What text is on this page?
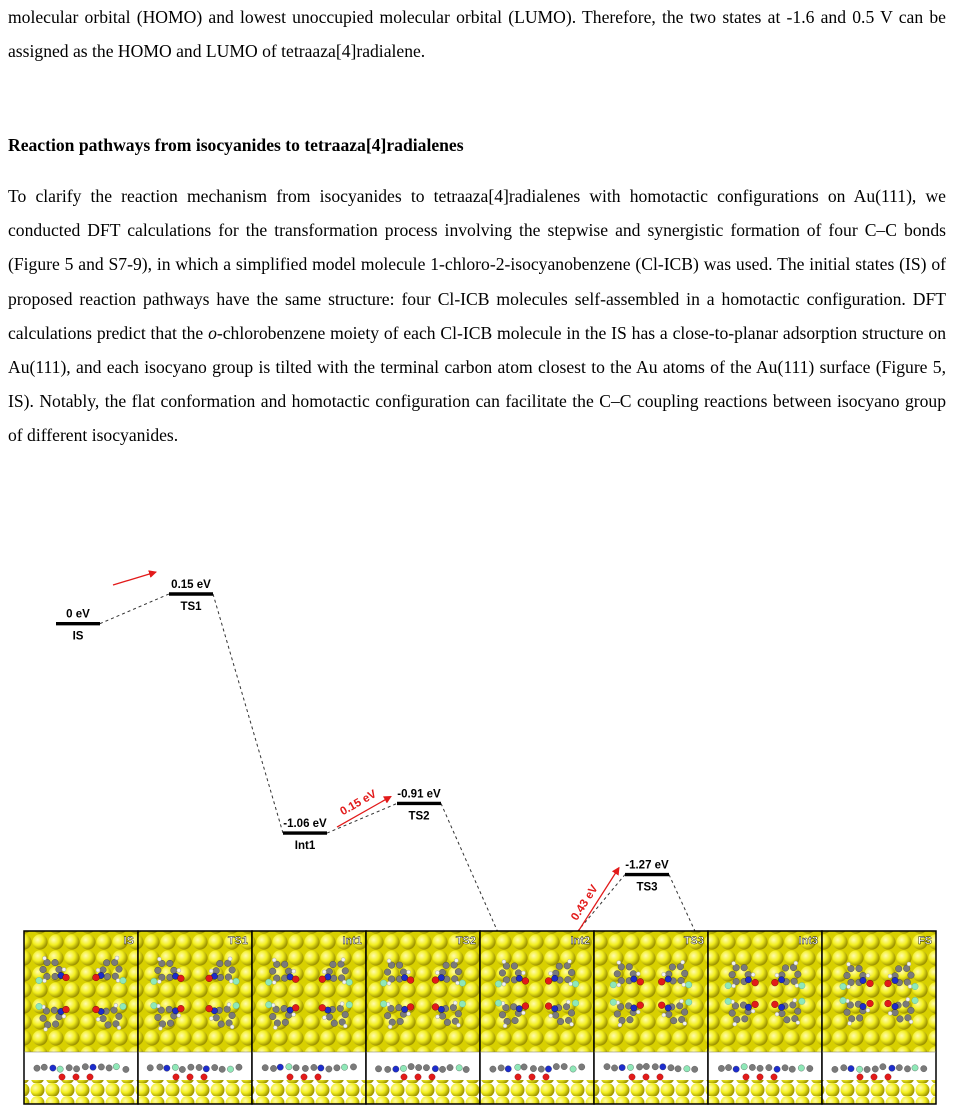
molecular orbital (HOMO) and lowest unoccupied molecular orbital (LUMO). Therefore, the two states at -1.6 and 0.5 V can be assigned as the HOMO and LUMO of tetraaza[4]radialene.

Reaction pathways from isocyanides to tetraaza[4]radialenes

To clarify the reaction mechanism from isocyanides to tetraaza[4]radialenes with homotactic configurations on Au(111), we conducted DFT calculations for the transformation process involving the stepwise and synergistic formation of four C–C bonds (Figure 5 and S7-9), in which a simplified model molecule 1-chloro-2-isocyanobenzene (Cl-ICB) was used. The initial states (IS) of proposed reaction pathways have the same structure: four Cl-ICB molecules self-assembled in a homotactic configuration. DFT calculations predict that the o-chlorobenzene moiety of each Cl-ICB molecule in the IS has a close-to-planar adsorption structure on Au(111), and each isocyano group is tilted with the terminal carbon atom closest to the Au atoms of the Au(111) surface (Figure 5, IS). Notably, the flat conformation and homotactic configuration can facilitate the C–C coupling reactions between isocyano group of different isocyanides.

0 eV
IS
0.15 eV
TS1
-1.06 eV
Int1
-0.91 eV
TS2
-1.27 eV
TS3
0.15 eV
0.43 eV
IS	TS1	Int1	TS2	Int2	TS3	Int3	FS
